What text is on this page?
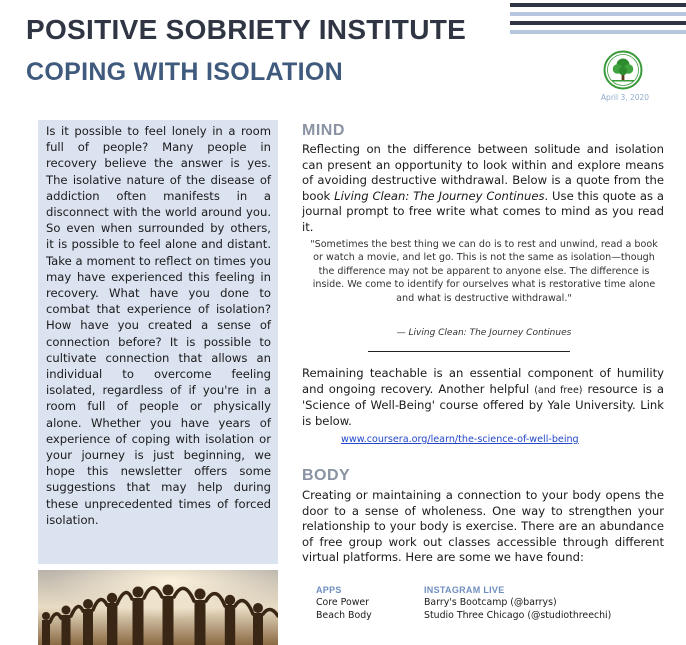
POSITIVE SOBRIETY INSTITUTE
COPING WITH ISOLATION
April 3, 2020

Is it possible to feel lonely in a room full of people? Many people in recovery believe the answer is yes. The isolative nature of the disease of addiction often manifests in a disconnect with the world around you. So even when surrounded by others, it is possible to feel alone and distant. Take a moment to reflect on times you may have experienced this feeling in recovery. What have you done to combat that experience of isolation? How have you created a sense of connection before? It is possible to cultivate connection that allows an individual to overcome feeling isolated, regardless of if you're in a room full of people or physically alone. Whether you have years of experience of coping with isolation or your journey is just beginning, we hope this newsletter offers some suggestions that may help during these unprecedented times of forced isolation.

MIND

Reflecting on the difference between solitude and isolation can present an opportunity to look within and explore means of avoiding destructive withdrawal. Below is a quote from the book Living Clean: The Journey Continues. Use this quote as a journal prompt to free write what comes to mind as you read it.

"Sometimes the best thing we can do is to rest and unwind, read a book or watch a movie, and let go. This is not the same as isolation—though the difference may not be apparent to anyone else. The difference is inside. We come to identify for ourselves what is restorative time alone and what is destructive withdrawal."

— Living Clean: The Journey Continues

Remaining teachable is an essential component of humility and ongoing recovery. Another helpful (and free) resource is a 'Science of Well-Being' course offered by Yale University. Link is below.

www.coursera.org/learn/the-science-of-well-being
BODY

Creating or maintaining a connection to your body opens the door to a sense of wholeness. One way to strengthen your relationship to your body is exercise. There are an abundance of free group work out classes accessible through different virtual platforms. Here are some we have found:

APPS
Core Power
Beach Body
INSTAGRAM LIVE
Barry's Bootcamp (@barrys)
Studio Three Chicago (@studiothreechi)
